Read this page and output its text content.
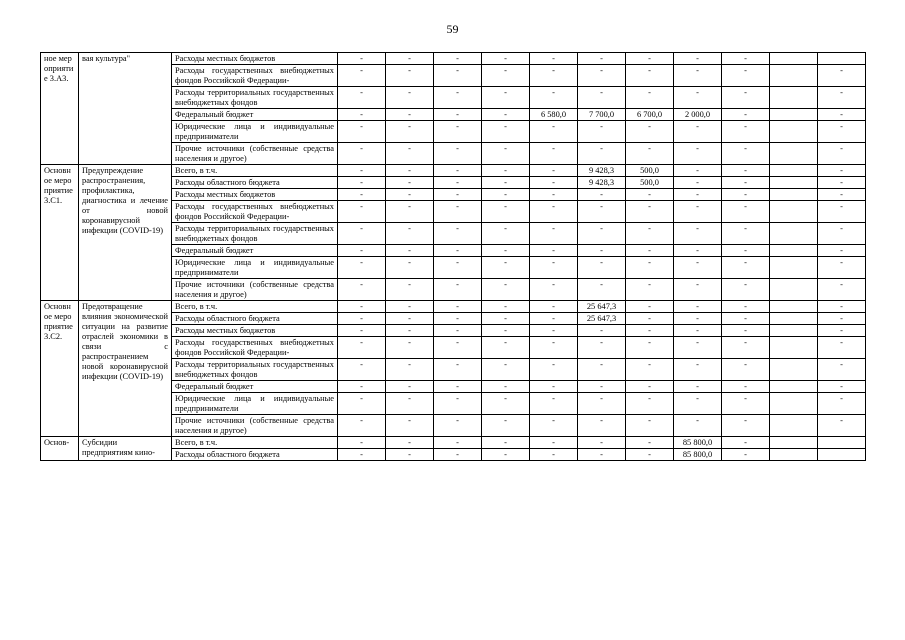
59
ное мероприятие 3.А3.	вая культура"	Расходы местных бюджетов	-	-	-	-	-	-	-	-	-		
		Расходы государственных внебюджетных фондов Российской Федерации-	-	-	-	-	-	-	-	-	-		-
		Расходы территориальных государственных внебюджетных фондов	-	-	-	-	-	-	-	-	-		-
		Федеральный бюджет	-	-	-	-	6 580,0	7 700,0	6 700,0	2 000,0	-		-
		Юридические лица и индивидуальные предприниматели	-	-	-	-	-	-	-	-	-		-
		Прочие источники (собственные средства населения и другое)	-	-	-	-	-	-	-	-	-		-
Основное мероприятие 3.С1.	Предупреждение распространения, профилактика, диагностика и лечение от новой коронавирусной инфекции (COVID-19)	Всего, в т.ч.	-	-	-	-	-	9 428,3	500,0	-	-		-
		Расходы областного бюджета	-	-	-	-	-	9 428,3	500,0	-	-		-
		Расходы местных бюджетов	-	-	-	-	-	-	-	-	-		-
		Расходы государственных внебюджетных фондов Российской Федерации-	-	-	-	-	-	-	-	-	-		-
		Расходы территориальных государственных внебюджетных фондов	-	-	-	-	-	-	-	-	-		-
		Федеральный бюджет	-	-	-	-	-	-	-	-	-		-
		Юридические лица и индивидуальные предприниматели	-	-	-	-	-	-	-	-	-		-
		Прочие источники (собственные средства населения и другое)	-	-	-	-	-	-	-	-	-		-
Основное мероприятие 3.С2.	Предотвращение влияния экономической ситуации на развитие отраслей экономики в связи с распространением новой коронавирусной инфекции (COVID-19)	Всего, в т.ч.	-	-	-	-	-	25 647,3	-	-	-		-
		Расходы областного бюджета	-	-	-	-	-	25 647,3	-	-	-		-
		Расходы местных бюджетов	-	-	-	-	-	-	-	-	-		-
		Расходы государственных внебюджетных фондов Российской Федерации-	-	-	-	-	-	-	-	-	-		-
		Расходы территориальных государственных внебюджетных фондов	-	-	-	-	-	-	-	-	-		-
		Федеральный бюджет	-	-	-	-	-	-	-	-	-		-
		Юридические лица и индивидуальные предприниматели	-	-	-	-	-	-	-	-	-		-
		Прочие источники (собственные средства населения и другое)	-	-	-	-	-	-	-	-	-		-
Основ-	Субсидии предприятиям кино-	Всего, в т.ч.	-	-	-	-	-	-	-	85 800,0	-		
		Расходы областного бюджета	-	-	-	-	-	-	-	85 800,0	-		
